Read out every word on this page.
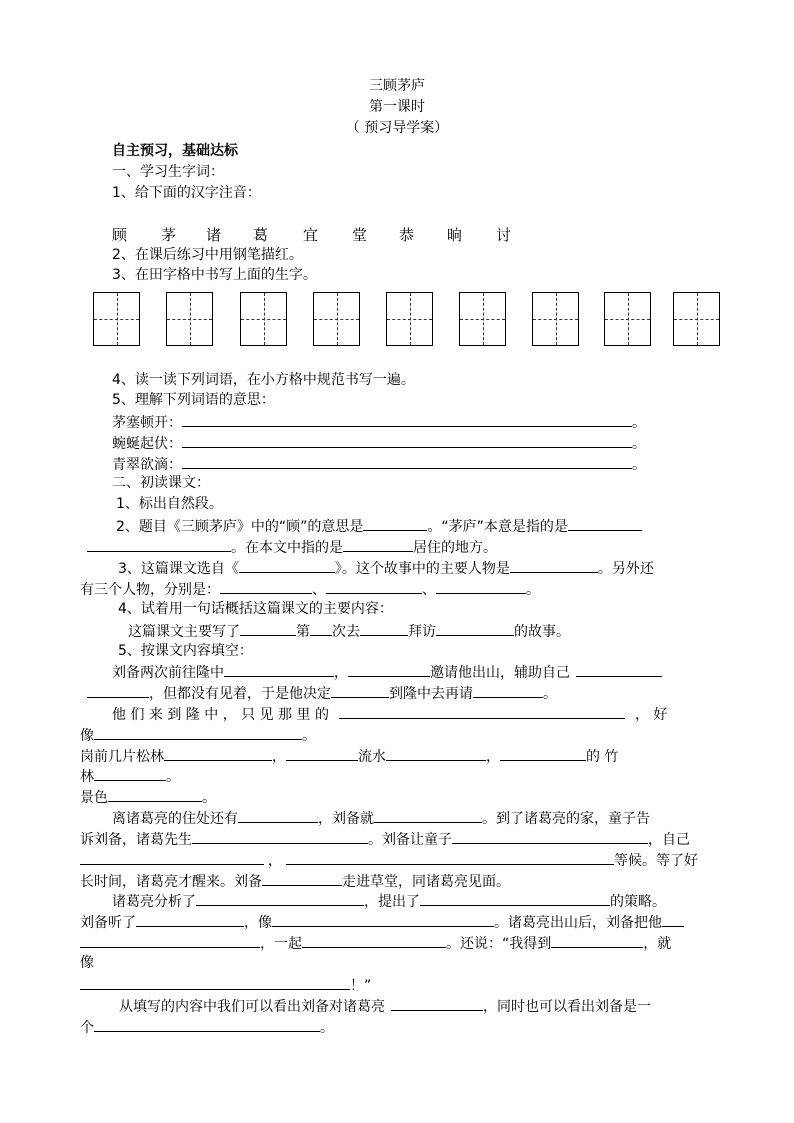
三顾茅庐
第一课时
（ 预习导学案）
自主预习，基础达标
一、学习生字词：
1、给下面的汉字注音：
顾 茅 诸 葛 宜 堂 恭 晌 讨
2、在课后练习中用钢笔描红。
3、在田字格中书写上面的生字。
4、读一读下列词语，在小方格中规范书写一遍。
5、理解下列词语的意思：
茅塞顿开：	。
蜿蜒起伏：	。
青翠欲滴：	。
二、初读课文：
1、标出自然段。
2、题目《三顾茅庐》中的“顾”的意思是	。“茅庐”本意是指的是
。在本文中指的是	居住的地方。
3、这篇课文选自《	》。这个故事中的主要人物是	。另外还
有三个人物，分别是：	、	、	。
4、试着用一句话概括这篇课文的主要内容：
这篇课文主要写了	第 次去	拜访	的故事。
5、按课文内容填空：
刘备两次前往隆中	，	邀请他出山，辅助自己
，但都没有见着，于是他决定	到隆中去再请	。
他 们 来 到 隆 中 ， 只 见 那 里 的	， 好
像	。
岗前几片松林	，	流水	，	的 竹
林	。
景色	。
离诸葛亮的住处还有	，刘备就	。到了诸葛亮的家，童子告
诉刘备，诸葛先生	。刘备让童子	，自己
，	等候。等了好
长时间，诸葛亮才醒来。刘备	走进草堂，同诸葛亮见面。
诸葛亮分析了	，提出了	的策略。
刘备听了	，像	。诸葛亮出山后，刘备把他
，一起	。还说：“我得到	，就
像
！”
从填写的内容中我们可以看出刘备对诸葛亮	，同时也可以看出刘备是一
个	。
